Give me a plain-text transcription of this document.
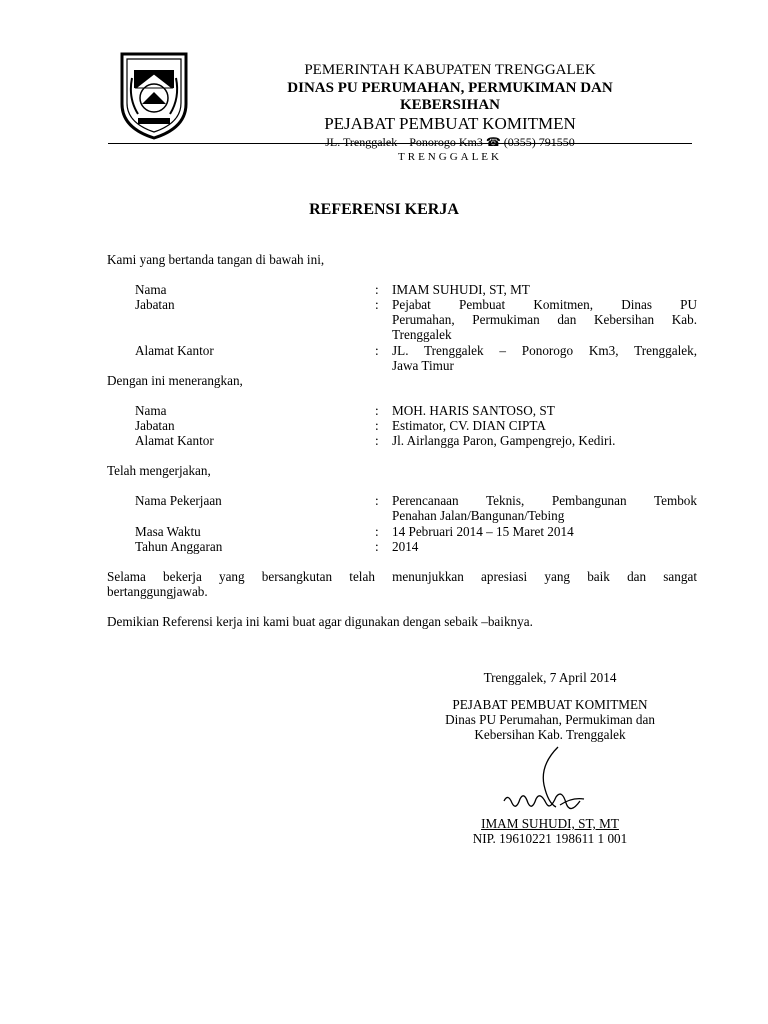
PEMERINTAH KABUPATEN TRENGGALEK
DINAS PU PERUMAHAN, PERMUKIMAN DAN
KEBERSIHAN
PEJABAT PEMBUAT KOMITMEN
JL. Trenggalek – Ponorogo Km3 ☎ (0355) 791550
TRENGGALEK
REFERENSI KERJA
Kami yang bertanda tangan di bawah ini,
Nama	: IMAM SUHUDI, ST, MT
Jabatan	: Pejabat Pembuat Komitmen, Dinas PU
Perumahan, Permukiman dan Kebersihan Kab.
Trenggalek
Alamat Kantor	: JL. Trenggalek – Ponorogo Km3, Trenggalek,
Jawa Timur
Dengan ini menerangkan,
Nama	: MOH. HARIS SANTOSO, ST
Jabatan	: Estimator, CV. DIAN CIPTA
Alamat Kantor	: Jl. Airlangga Paron, Gampengrejo, Kediri.
Telah mengerjakan,
Nama Pekerjaan	: Perencanaan Teknis, Pembangunan Tembok
Penahan Jalan/Bangunan/Tebing
Masa Waktu	: 14 Pebruari 2014 – 15 Maret 2014
Tahun Anggaran	: 2014
Selama bekerja yang bersangkutan telah menunjukkan apresiasi yang baik dan sangat
bertanggungjawab.
Demikian Referensi kerja ini kami buat agar digunakan dengan sebaik –baiknya.
Trenggalek, 7 April 2014
PEJABAT PEMBUAT KOMITMEN
Dinas PU Perumahan, Permukiman dan
Kebersihan Kab. Trenggalek
IMAM SUHUDI, ST, MT
NIP. 19610221 198611 1 001
